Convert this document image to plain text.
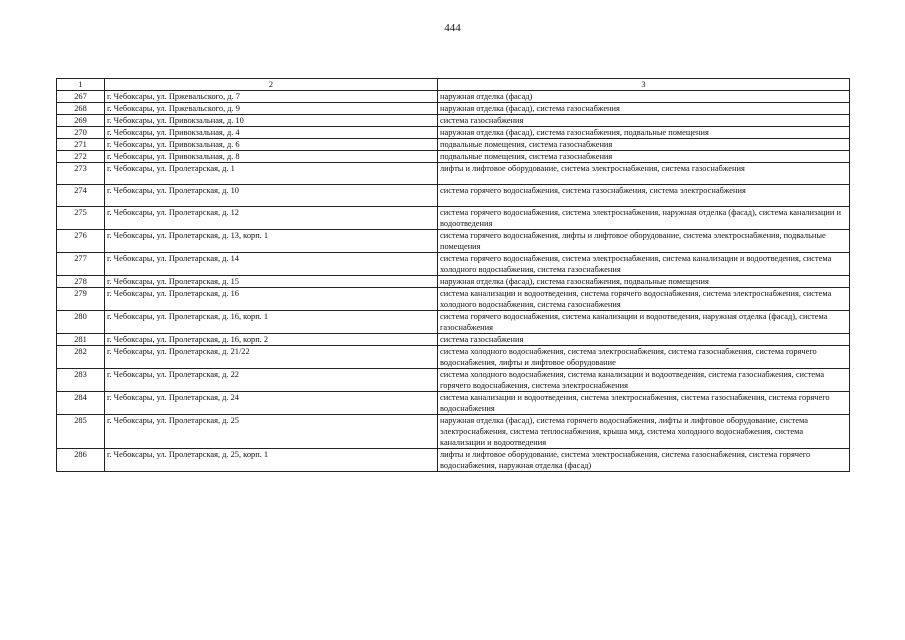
444
1	2	3
267	г. Чебоксары, ул. Пржевальского, д. 7	наружная отделка (фасад)
268	г. Чебоксары, ул. Пржевальского, д. 9	наружная отделка (фасад), система газоснабжения
269	г. Чебоксары, ул. Привокзальная, д. 10	система газоснабжения
270	г. Чебоксары, ул. Привокзальная, д. 4	наружная отделка (фасад), система газоснабжения, подвальные помещения
271	г. Чебоксары, ул. Привокзальная, д. 6	подвальные помещения, система газоснабжения
272	г. Чебоксары, ул. Привокзальная, д. 8	подвальные помещения, система газоснабжения
273	г. Чебоксары, ул. Пролетарская, д. 1	лифты и лифтовое оборудование, система электроснабжения, система газоснабжения
274	г. Чебоксары, ул. Пролетарская, д. 10	система горячего водоснабжения, система газоснабжения, система электроснабжения
275	г. Чебоксары, ул. Пролетарская, д. 12	система горячего водоснабжения, система электроснабжения, наружная отделка (фасад), система канализации и водоотведения
276	г. Чебоксары, ул. Пролетарская, д. 13, корп. 1	система горячего водоснабжения, лифты и лифтовое оборудование, система электроснабжения, подвальные помещения
277	г. Чебоксары, ул. Пролетарская, д. 14	система горячего водоснабжения, система электроснабжения, система канализации и водоотведения, система холодного водоснабжения, система газоснабжения
278	г. Чебоксары, ул. Пролетарская, д. 15	наружная отделка (фасад), система газоснабжения, подвальные помещения
279	г. Чебоксары, ул. Пролетарская, д. 16	система канализации и водоотведения, система горячего водоснабжения, система электроснабжения, система холодного водоснабжения, система газоснабжения
280	г. Чебоксары, ул. Пролетарская, д. 16, корп. 1	система горячего водоснабжения, система канализации и водоотведения, наружная отделка (фасад), система газоснабжения
281	г. Чебоксары, ул. Пролетарская, д. 16, корп. 2	система газоснабжения
282	г. Чебоксары, ул. Пролетарская, д. 21/22	система холодного водоснабжения, система электроснабжения, система газоснабжения, система горячего водоснабжения, лифты и лифтовое оборудование
283	г. Чебоксары, ул. Пролетарская, д. 22	система холодного водоснабжения, система канализации и водоотведения, система газоснабжения, система горячего водоснабжения, система электроснабжения
284	г. Чебоксары, ул. Пролетарская, д. 24	система канализации и водоотведения, система электроснабжения, система газоснабжения, система горячего водоснабжения
285	г. Чебоксары, ул. Пролетарская, д. 25	наружная отделка (фасад), система горячего водоснабжения, лифты и лифтовое оборудование, система электроснабжения, система теплоснабжения, крыша мкд, система холодного водоснабжения, система канализации и водоотведения
286	г. Чебоксары, ул. Пролетарская, д. 25, корп. 1	лифты и лифтовое оборудование, система электроснабжения, система газоснабжения, система горячего водоснабжения, наружная отделка (фасад)
